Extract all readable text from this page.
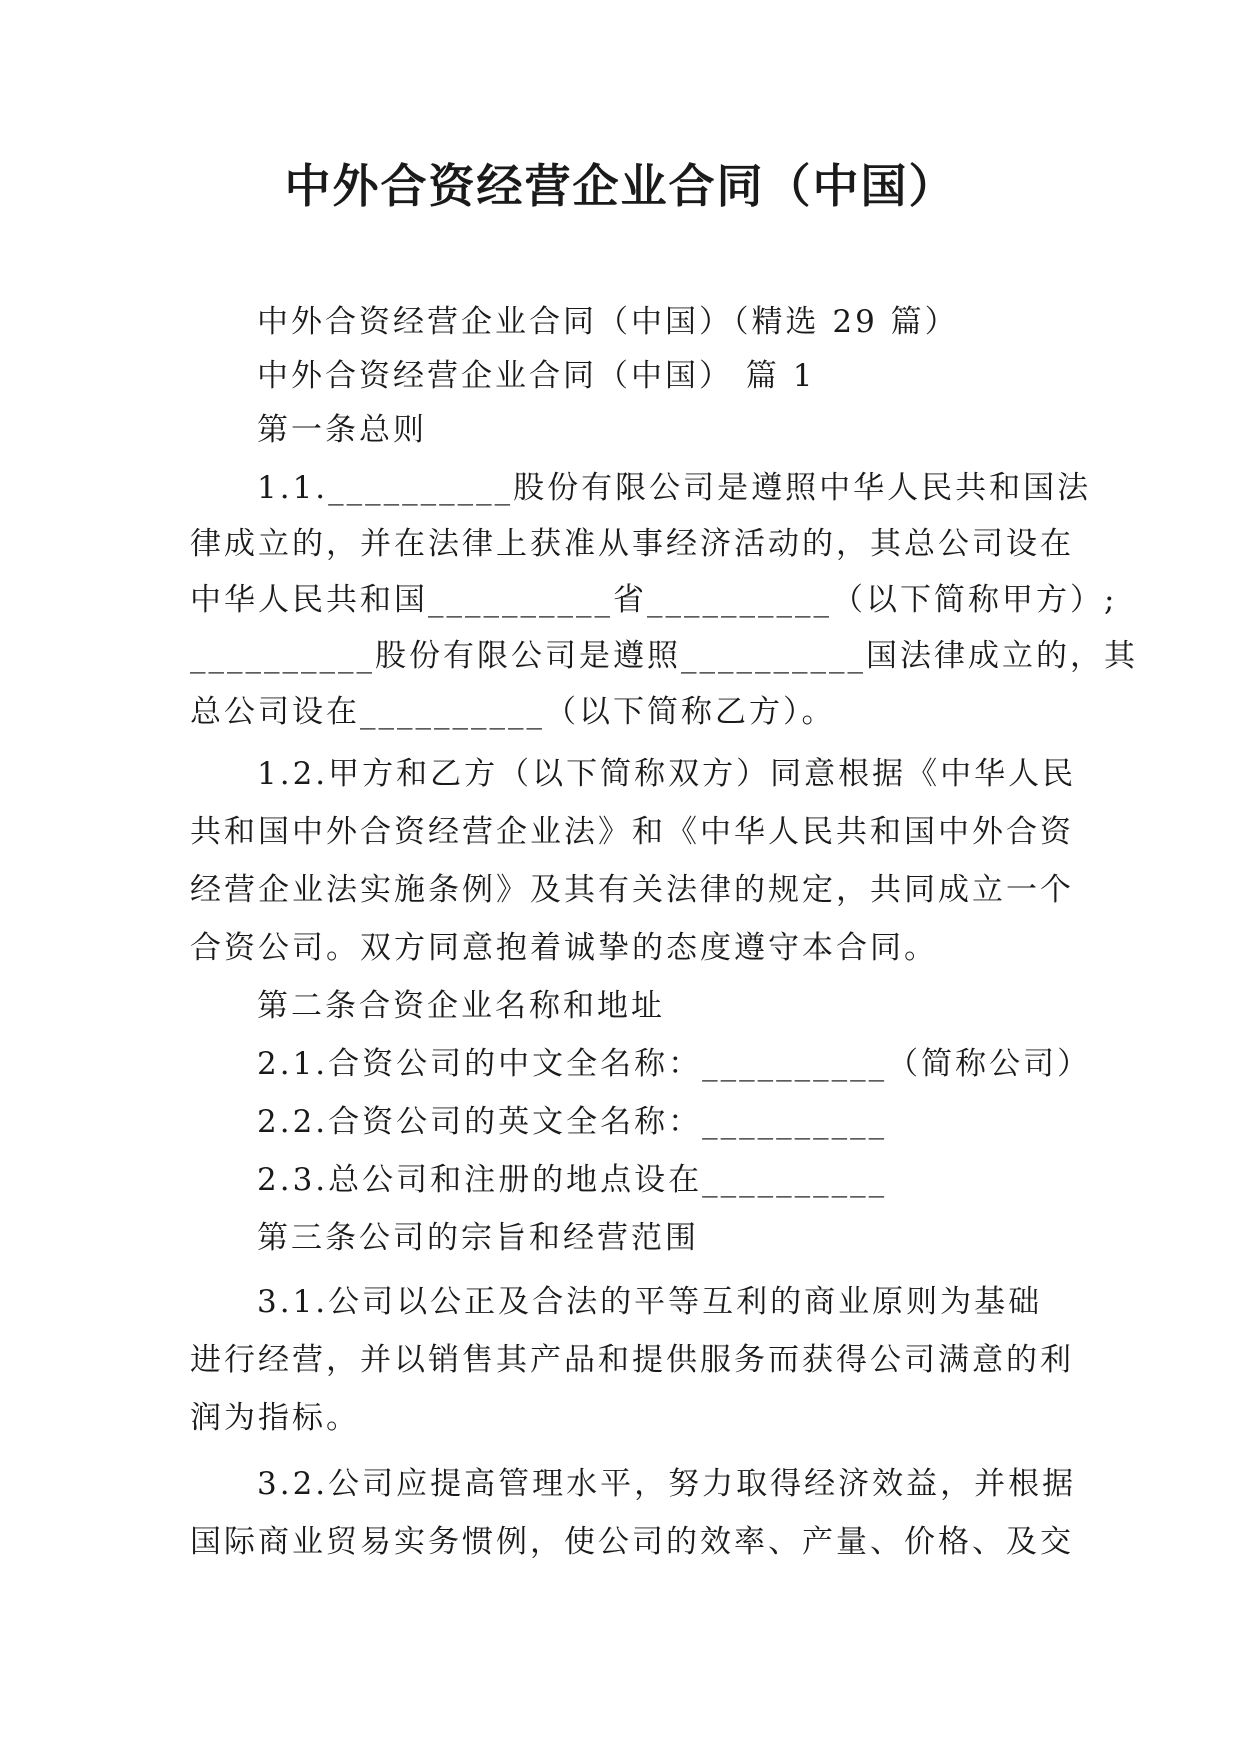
中外合资经营企业合同（中国）
中外合资经营企业合同（中国）（精选 29 篇）
中外合资经营企业合同（中国） 篇 1
第一条总则
1.1.__________股份有限公司是遵照中华人民共和国法
律成立的，并在法律上获准从事经济活动的，其总公司设在
中华人民共和国__________省__________（以下简称甲方）;
__________股份有限公司是遵照__________国法律成立的，其
总公司设在__________（以下简称乙方）。
1.2.甲方和乙方（以下简称双方）同意根据《中华人民
共和国中外合资经营企业法》和《中华人民共和国中外合资
经营企业法实施条例》及其有关法律的规定，共同成立一个
合资公司。双方同意抱着诚挚的态度遵守本合同。
第二条合资企业名称和地址
2.1.合资公司的中文全名称：__________（简称公司）
2.2.合资公司的英文全名称：__________
2.3.总公司和注册的地点设在__________
第三条公司的宗旨和经营范围
3.1.公司以公正及合法的平等互利的商业原则为基础
进行经营，并以销售其产品和提供服务而获得公司满意的利
润为指标。
3.2.公司应提高管理水平，努力取得经济效益，并根据
国际商业贸易实务惯例，使公司的效率、产量、价格、及交
